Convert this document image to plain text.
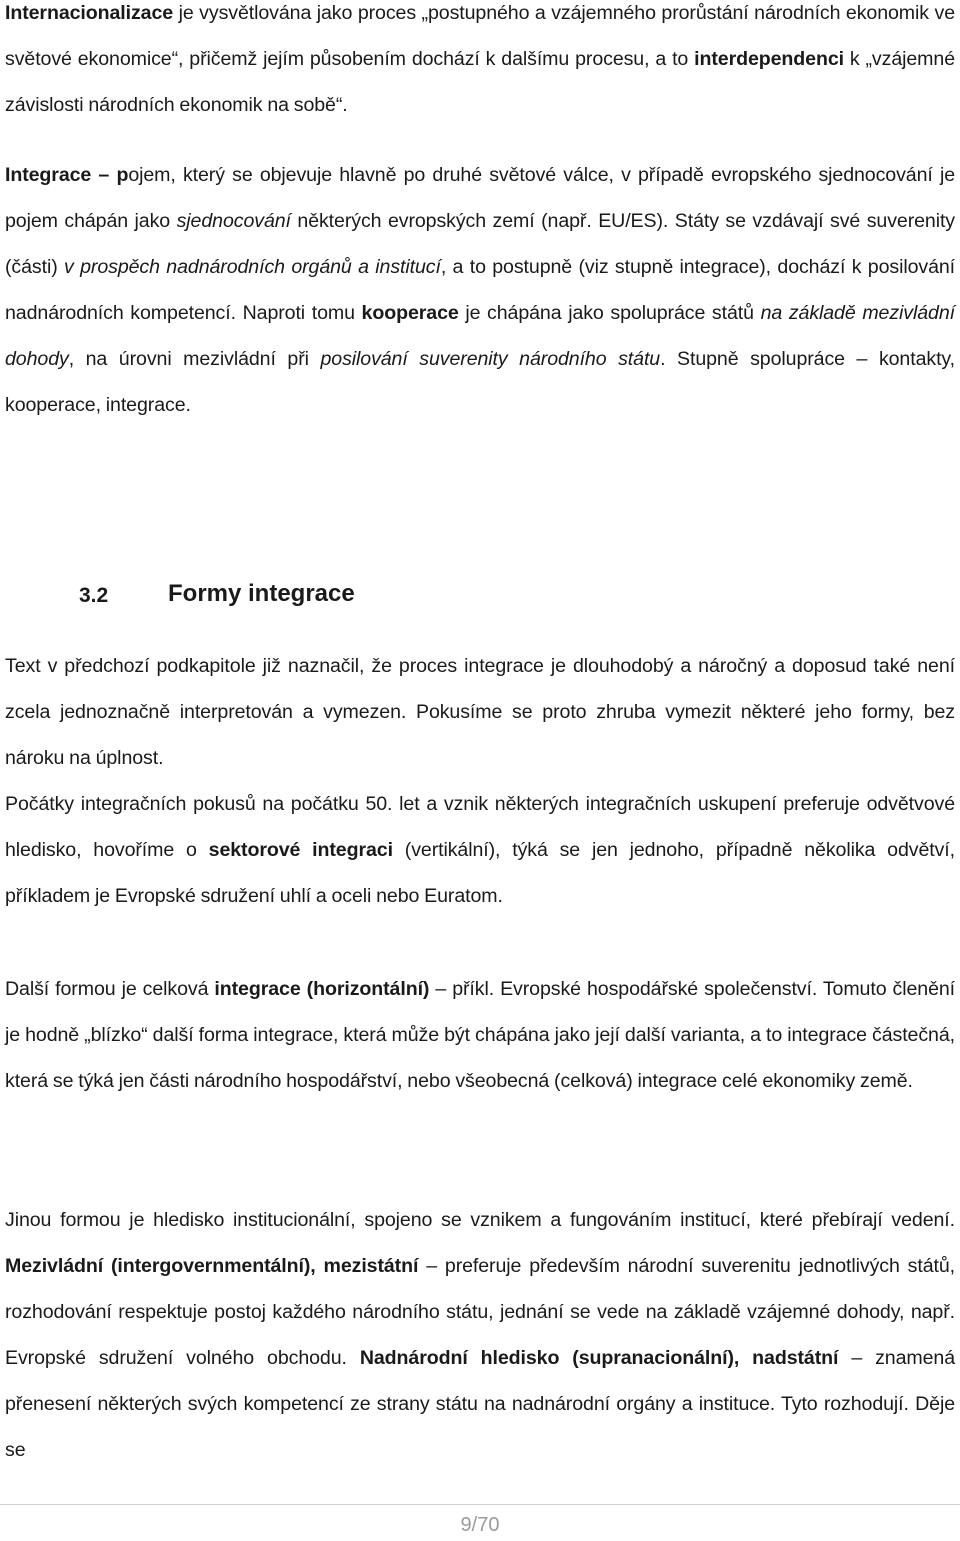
Internacionalizace je vysvětlována jako proces „postupného a vzájemného prorůstání národních ekonomik ve světové ekonomice“, přičemž jejím působením dochází k dalšímu procesu, a to interdependenci k „vzájemné závislosti národních ekonomik na sobě“.

Integrace – pojem, který se objevuje hlavně po druhé světové válce, v případě evropského sjednocování je pojem chápán jako sjednocování některých evropských zemí (např. EU/ES). Státy se vzdávají své suverenity (části) v prospěch nadnárodních orgánů a institucí, a to postupně (viz stupně integrace), dochází k posilování nadnárodních kompetencí. Naproti tomu kooperace je chápána jako spolupráce států na základě mezivládní dohody, na úrovni mezivládní při posilování suverenity národního státu. Stupně spolupráce – kontakty, kooperace, integrace.

3.2 Formy integrace

Text v předchozí podkapitole již naznačil, že proces integrace je dlouhodobý a náročný a doposud také není zcela jednoznačně interpretován a vymezen. Pokusíme se proto zhruba vymezit některé jeho formy, bez nároku na úplnost.

Počátky integračních pokusů na počátku 50. let a vznik některých integračních uskupení preferuje odvětvové hledisko, hovoříme o sektorové integraci (vertikální), týká se jen jednoho, případně několika odvětví, příkladem je Evropské sdružení uhlí a oceli nebo Euratom.

Další formou je celková integrace (horizontální) – příkl. Evropské hospodářské společenství. Tomuto členění je hodně „blízko“ další forma integrace, která může být chápána jako její další varianta, a to integrace částečná, která se týká jen části národního hospodářství, nebo všeobecná (celková) integrace celé ekonomiky země.

Jinou formou je hledisko institucionální, spojeno se vznikem a fungováním institucí, které přebírají vedení. Mezivládní (intergovernmentální), mezistátní – preferuje především národní suverenitu jednotlivých států, rozhodování respektuje postoj každého národního státu, jednání se vede na základě vzájemné dohody, např. Evropské sdružení volného obchodu. Nadnárodní hledisko (supranacionální), nadstátní – znamená přenesení některých svých kompetencí ze strany státu na nadnárodní orgány a instituce. Tyto rozhodují. Děje se

9/70
